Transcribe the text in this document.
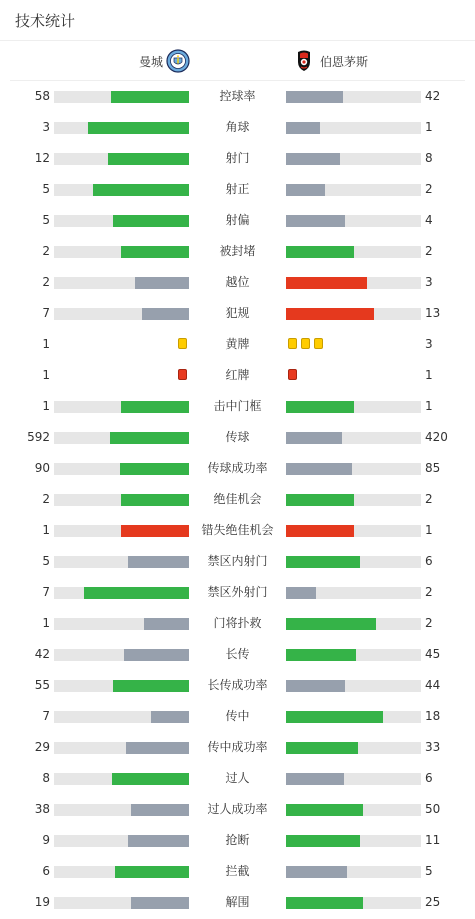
技术统计
曼城	伯恩茅斯
58	控球率	42
3	角球	1
12	射门	8
5	射正	2
5	射偏	4
2	被封堵	2
2	越位	3
7	犯规	13
1	黄牌	3
1	红牌	1
1	击中门框	1
592	传球	420
90	传球成功率	85
2	绝佳机会	2
1	错失绝佳机会	1
5	禁区内射门	6
7	禁区外射门	2
1	门将扑救	2
42	长传	45
55	长传成功率	44
7	传中	18
29	传中成功率	33
8	过人	6
38	过人成功率	50
9	抢断	11
6	拦截	5
19	解围	25
